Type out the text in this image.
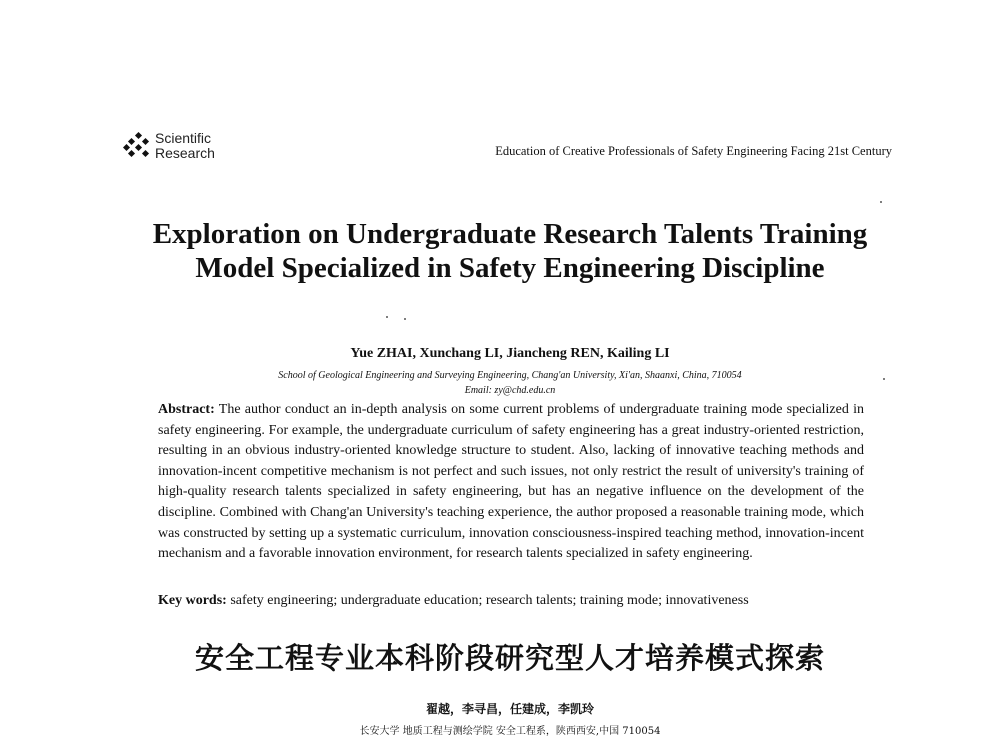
Scientific
Research	Education of Creative Professionals of Safety Engineering Facing 21st Century
Exploration on Undergraduate Research Talents Training Model Specialized in Safety Engineering Discipline

Yue ZHAI, Xunchang LI, Jiancheng REN, Kailing LI

School of Geological Engineering and Surveying Engineering, Chang'an University, Xi'an, Shaanxi, China, 710054

Email: zy@chd.edu.cn

Abstract: The author conduct an in-depth analysis on some current problems of undergraduate training mode specialized in safety engineering. For example, the undergraduate curriculum of safety engineering has a great industry-oriented restriction, resulting in an obvious industry-oriented knowledge structure to student. Also, lacking of innovative teaching methods and innovation-incent competitive mechanism is not perfect and such issues, not only restrict the result of university's training of high-quality research talents specialized in safety engineering, but has an negative influence on the development of the discipline. Combined with Chang'an University's teaching experience, the author proposed a reasonable training mode, which was constructed by setting up a systematic curriculum, innovation consciousness-inspired teaching method, innovation-incent mechanism and a favorable innovation environment, for research talents specialized in safety engineering.

Key words: safety engineering; undergraduate education; research talents; training mode; innovativeness

安全工程专业本科阶段研究型人才培养模式探索

翟越，李寻昌，任建成，李凯玲

长安大学 地质工程与测绘学院 安全工程系，陕西西安,中国 710054
